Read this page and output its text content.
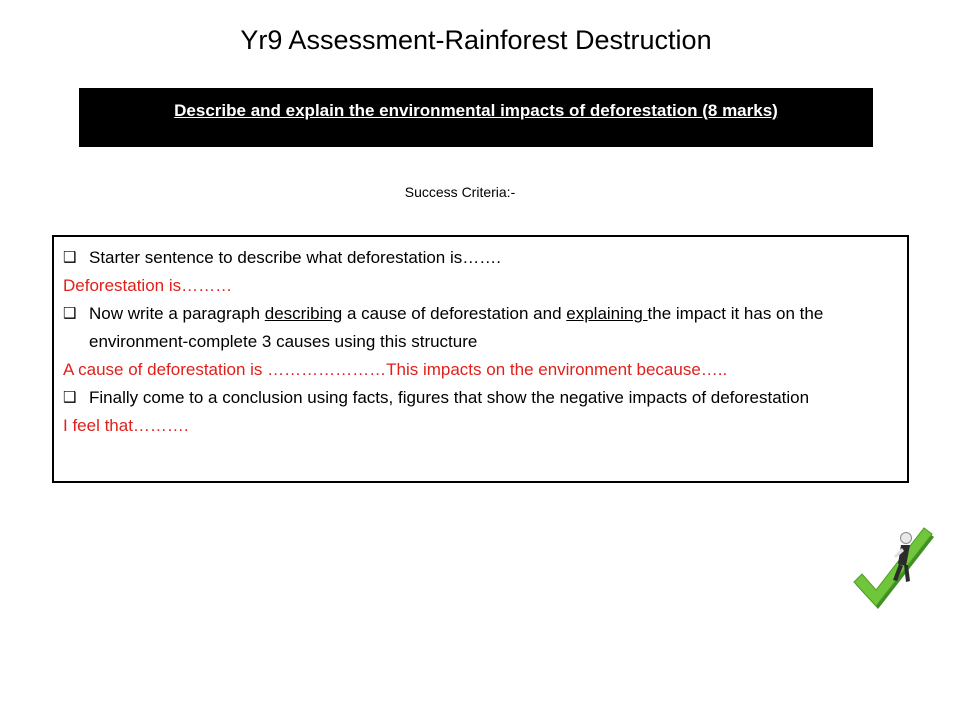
Yr9 Assessment-Rainforest Destruction
Describe and explain the environmental impacts of deforestation (8 marks)
Success Criteria:-
❑ Starter sentence to describe what deforestation is…….
Deforestation is………
❑ Now write a paragraph describing a cause of deforestation and explaining the impact it has on the environment-complete 3 causes using this structure
A cause of deforestation is …………………This impacts on the environment because…..
❑ Finally come to a conclusion using facts, figures that show the negative impacts of deforestation
I feel that……….
